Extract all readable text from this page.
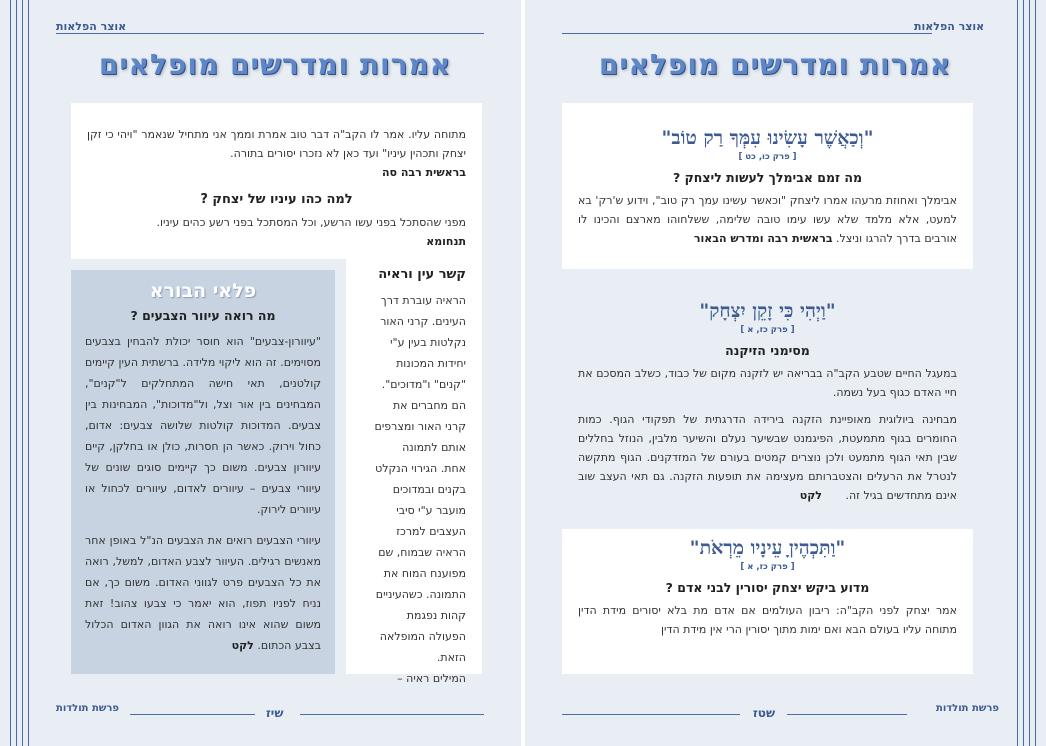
אוצר הפלאות
אמרות ומדרשים מופלאים
מתוחה עליו. אמר לו הקב"ה דבר טוב אמרת וממך אני מתחיל שנאמר "ויהי כי זקן יצחק ותכהין עיניו" ועד כאן לא נזכרו יסורים בתורה.
בראשית רבה סה
למה כהו עיניו של יצחק ?
מפני שהסתכל בפני עשו הרשע, וכל המסתכל בפני רשע כהים עיניו.
תנחומא
קשר עין וראיה
הראיה עוברת דרך
העינים. קרני האור
נקלטות בעין ע"י
יחידות המכונות
"קנים" ו"מדוכים".
הם מחברים את
קרני האור ומצרפים
אותם לתמונה
אחת. הגירוי הנקלט
בקנים ובמדוכים
מועבר ע"י סיבי
העצבים למרכז
הראיה שבמוח, שם
מפוענח המוח את
התמונה. כשהעיניים
קהות נפגמת
הפעולה המופלאה
הזאת.
המילים ראיה –
פלאי הבורא
מה רואה עיוור הצבעים ?
"עיוורון-צבעים" הוא חוסר יכולת להבחין בצבעים מסוימים. זה הוא ליקוי מלידה. ברשתית העין קיימים קולטנים, תאי חישה המתחלקים ל"קנים", המבחינים בין אור וצל, ול"מדוכות", המבחינות בין צבעים. המדוכות קולטות שלושה צבעים: אדום, כחול וירוק. כאשר הן חסרות, כולן או בחלקן, קיים עיוורון צבעים. משום כך קיימים סוגים שונים של עיוורי צבעים – עיוורים לאדום, עיוורים לכחול או עיוורים לירוק.
עיוורי הצבעים רואים את הצבעים הנ"ל באופן אחר מאנשים רגילים. העיוור לצבע האדום, למשל, רואה את כל הצבעים פרט לגווני האדום. משום כך, אם נניח לפניו תפוז, הוא יאמר כי צבעו צהוב! זאת משום שהוא אינו רואה את הגוון האדום הכלול בצבע הכתום. לקט
פרשת תולדות	שיז
אוצר הפלאות
אמרות ומדרשים מופלאים
"וְכַאֲשֶׁר עָשִׂינוּ עִמְּךָ רַק טוֹב"
[ פרק כו, כט ]
מה זמם אבימלך לעשות ליצחק ?
אבימלך ואחוזת מרעהו אמרו ליצחק "וכאשר עשינו עמך רק טוב", וידוע ש'רק' בא למעט, אלא מלמד שלא עשו עימו טובה שלימה, ששלחוהו מארצם והכינו לו אורבים בדרך להרגו וניצל. בראשית רבה ומדרש הבאור
"וַיְהִי כִּי זָקֵן יִצְחָק"
[ פרק כז, א ]
מסימני הזיקנה
במעגל החיים שטבע הקב"ה בבריאה יש לזקנה מקום של כבוד, כשלב המסכם את חיי האדם כגוף בעל נשמה.
מבחינה ביולוגית מאופיינת הזקנה בירידה הדרגתית של תפקודי הגוף. כמות החומרים בגוף מתמעטת, הפיגמנט שבשיער נעלם והשיער מלבין, הנוזל בחללים שבין תאי הגוף מתמעט ולכן נוצרים קמטים בעורם של המזדקנים. הגוף מתקשה לנטרל את הרעלים והצטברותם מעצימה את תופעות הזקנה. גם תאי העצב שוב אינם מתחדשים בגיל זה. לקט
"וַתִּכְהֶיןָ עֵינָיו מֵרְאֹת"
[ פרק כז, א ]
מדוע ביקש יצחק יסורין לבני אדם ?
אמר יצחק לפני הקב"ה: ריבון העולמים אם אדם מת בלא יסורים מידת הדין מתוחה עליו בעולם הבא ואם ימות מתוך יסורין הרי אין מידת הדין
שטז	פרשת תולדות
